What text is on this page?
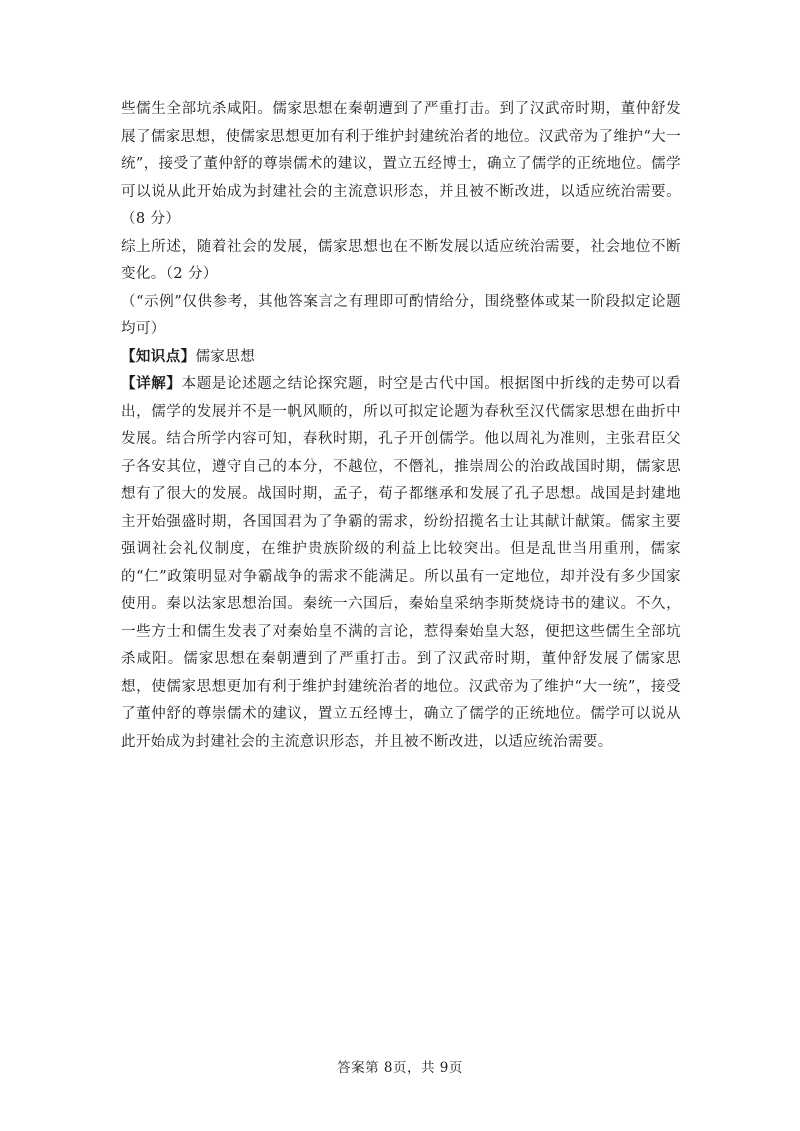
些儒生全部坑杀咸阳。儒家思想在秦朝遭到了严重打击。到了汉武帝时期，董仲舒发展了儒家思想，使儒家思想更加有利于维护封建统治者的地位。汉武帝为了维护“大一统”，接受了董仲舒的尊崇儒术的建议，置立五经博士，确立了儒学的正统地位。儒学可以说从此开始成为封建社会的主流意识形态，并且被不断改进，以适应统治需要。（8 分）

综上所述，随着社会的发展，儒家思想也在不断发展以适应统治需要，社会地位不断变化。（2 分）

（“示例”仅供参考，其他答案言之有理即可酌情给分，围绕整体或某一阶段拟定论题均可）

【知识点】儒家思想

【详解】本题是论述题之结论探究题，时空是古代中国。根据图中折线的走势可以看出，儒学的发展并不是一帆风顺的，所以可拟定论题为春秋至汉代儒家思想在曲折中发展。结合所学内容可知，春秋时期，孔子开创儒学。他以周礼为准则，主张君臣父子各安其位，遵守自己的本分，不越位，不僭礼，推崇周公的治政战国时期，儒家思想有了很大的发展。战国时期，孟子，荀子都继承和发展了孔子思想。战国是封建地主开始强盛时期，各国国君为了争霸的需求，纷纷招揽名士让其献计献策。儒家主要强调社会礼仪制度，在维护贵族阶级的利益上比较突出。但是乱世当用重刑，儒家的“仁”政策明显对争霸战争的需求不能满足。所以虽有一定地位，却并没有多少国家使用。秦以法家思想治国。秦统一六国后，秦始皇采纳李斯焚烧诗书的建议。不久，一些方士和儒生发表了对秦始皇不满的言论，惹得秦始皇大怒，便把这些儒生全部坑杀咸阳。儒家思想在秦朝遭到了严重打击。到了汉武帝时期，董仲舒发展了儒家思想，使儒家思想更加有利于维护封建统治者的地位。汉武帝为了维护“大一统”，接受了董仲舒的尊崇儒术的建议，置立五经博士，确立了儒学的正统地位。儒学可以说从此开始成为封建社会的主流意识形态，并且被不断改进，以适应统治需要。

答案第 8页，共 9页
